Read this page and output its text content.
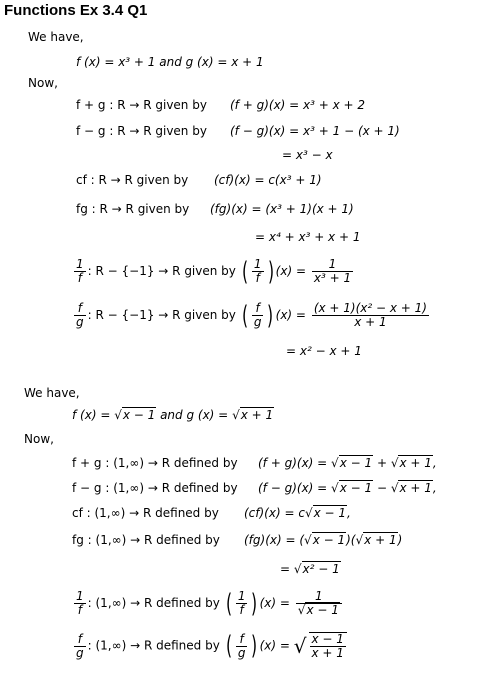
Functions Ex 3.4 Q1
We have,
f (x) = x³ + 1 and g (x) = x + 1
Now,
f + g : R → R given by (f + g)(x) = x³ + x + 2
f − g : R → R given by (f − g)(x) = x³ + 1 − (x + 1)
= x³ − x
cf : R → R given by (cf)(x) = c(x³ + 1)
fg : R → R given by (fg)(x) = (x³ + 1)(x + 1)
= x⁴ + x³ + x + 1
$\frac{1}{f}$ : R − {−1} → R given by ( $\frac{1}{f}$ ) $(x) = \frac{1}{\text{x³ + 1}}$
$\frac{f}{g}$ : R − {−1} → R given by ( $\frac{f}{g}$ ) $(x) = \frac{\text{(x + 1)(x² − x + 1)}}{x + 1}$
= x² − x + 1
We have,
f (x) = √x − 1 and g (x) = √x + 1
Now,
f + g : (1,∞) → R defined by (f + g)(x) = √x − 1 + √x + 1,
f − g : (1,∞) → R defined by (f − g)(x) = √x − 1 − √x + 1,
cf : (1,∞) → R defined by (cf)(x) = c√x − 1,
fg : (1,∞) → R defined by (fg)(x) = (√x − 1)(√x + 1)
= √x² − 1
$\frac{1}{f}$ : (1,∞) → R defined by ( $\frac{1}{f}$ ) $(x) = \frac{1}{√x - 1}$
$\frac{f}{g}$ : (1,∞) → R defined by ( $\frac{f}{g}$ ) (x) = √ $\frac{x - 1}{x + 1}$
